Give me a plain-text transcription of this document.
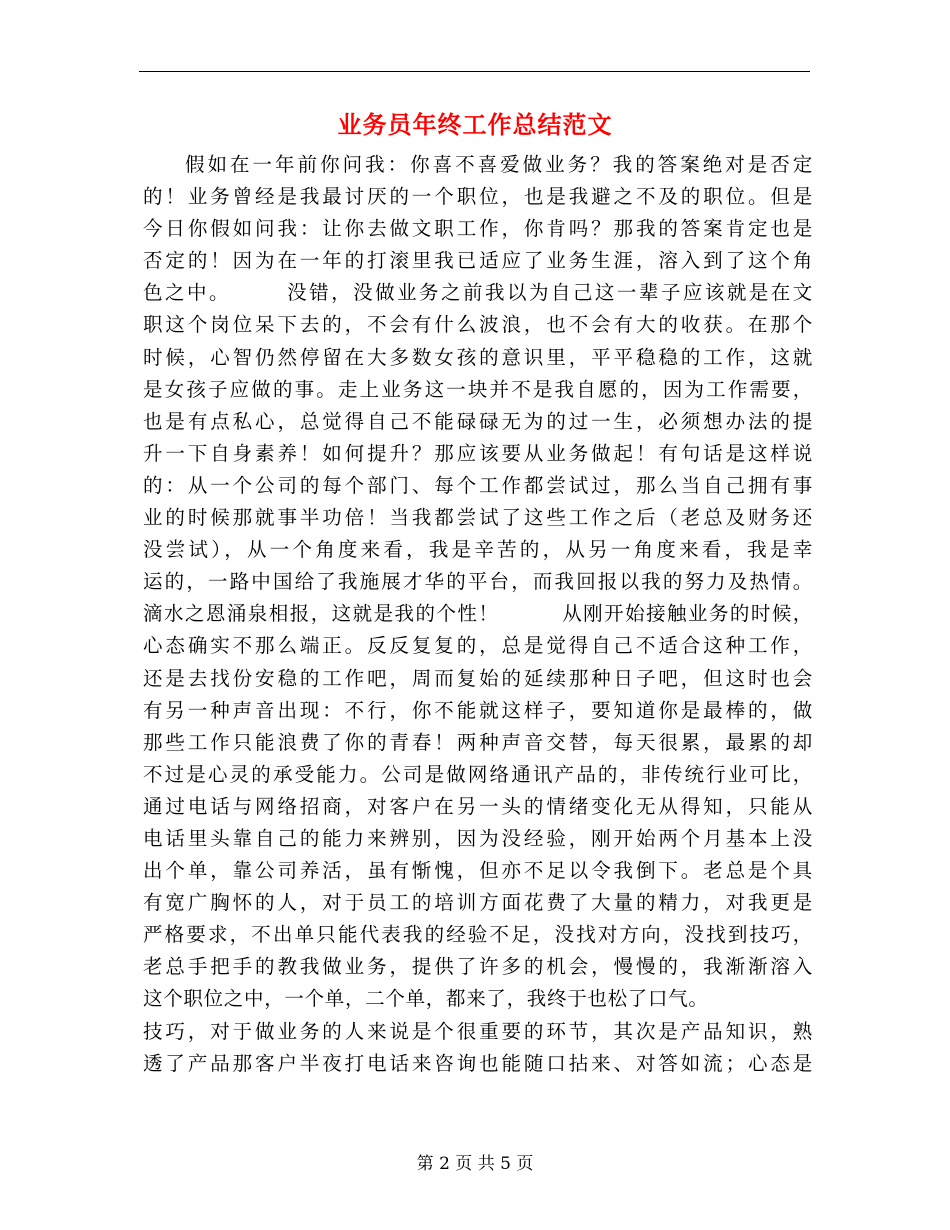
业务员年终工作总结范文
假如在一年前你问我：你喜不喜爱做业务？我的答案绝对是否定
的！业务曾经是我最讨厌的一个职位，也是我避之不及的职位。但是
今日你假如问我：让你去做文职工作，你肯吗？那我的答案肯定也是
否定的！因为在一年的打滚里我已适应了业务生涯，溶入到了这个角
色之中。　　　没错，没做业务之前我以为自己这一辈子应该就是在文
职这个岗位呆下去的，不会有什么波浪，也不会有大的收获。在那个
时候，心智仍然停留在大多数女孩的意识里，平平稳稳的工作，这就
是女孩子应做的事。走上业务这一块并不是我自愿的，因为工作需要，
也是有点私心，总觉得自己不能碌碌无为的过一生，必须想办法的提
升一下自身素养！如何提升？那应该要从业务做起！有句话是这样说
的：从一个公司的每个部门、每个工作都尝试过，那么当自己拥有事
业的时候那就事半功倍！当我都尝试了这些工作之后（老总及财务还
没尝试），从一个角度来看，我是辛苦的，从另一角度来看，我是幸
运的，一路中国给了我施展才华的平台，而我回报以我的努力及热情。
滴水之恩涌泉相报，这就是我的个性！　　　从刚开始接触业务的时候，
心态确实不那么端正。反反复复的，总是觉得自己不适合这种工作，
还是去找份安稳的工作吧，周而复始的延续那种日子吧，但这时也会
有另一种声音出现：不行，你不能就这样子，要知道你是最棒的，做
那些工作只能浪费了你的青春！两种声音交替，每天很累，最累的却
不过是心灵的承受能力。公司是做网络通讯产品的，非传统行业可比，
通过电话与网络招商，对客户在另一头的情绪变化无从得知，只能从
电话里头靠自己的能力来辨别，因为没经验，刚开始两个月基本上没
出个单，靠公司养活，虽有惭愧，但亦不足以令我倒下。老总是个具
有宽广胸怀的人，对于员工的培训方面花费了大量的精力，对我更是
严格要求，不出单只能代表我的经验不足，没找对方向，没找到技巧，
老总手把手的教我做业务，提供了许多的机会，慢慢的，我渐渐溶入
这个职位之中，一个单，二个单，都来了，我终于也松了口气。
技巧，对于做业务的人来说是个很重要的环节，其次是产品知识，熟
透了产品那客户半夜打电话来咨询也能随口拈来、对答如流；心态是
第 2 页 共 5 页
